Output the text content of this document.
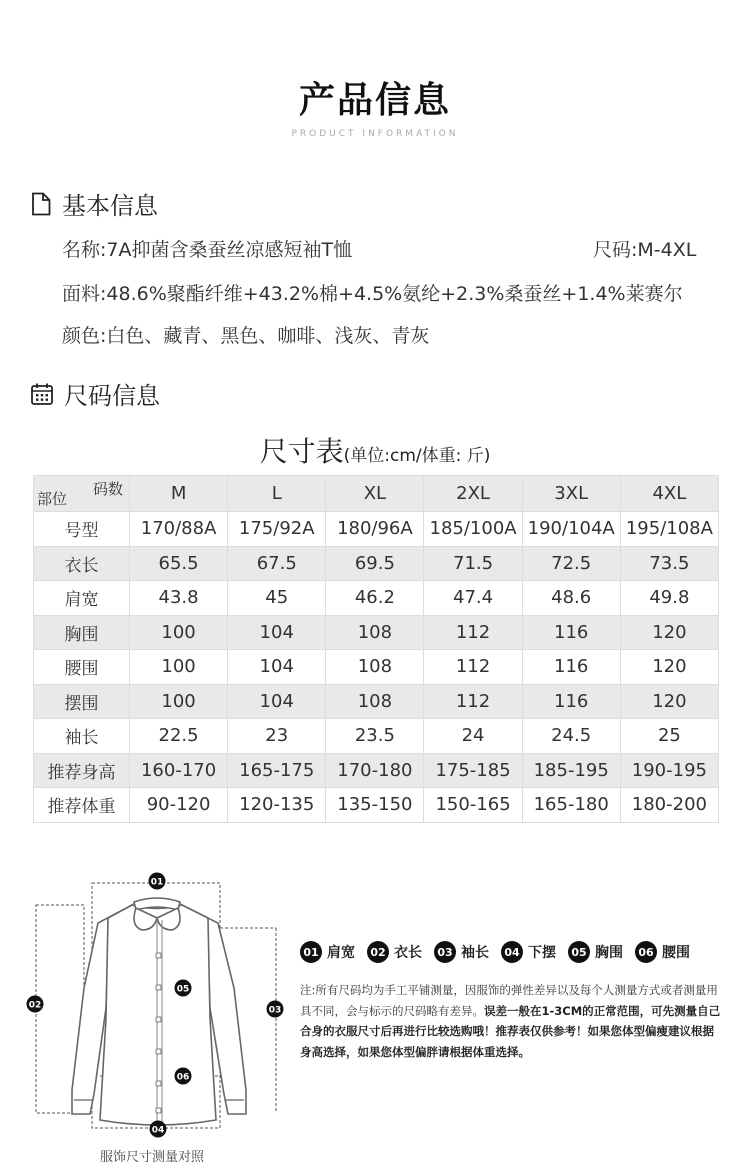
产品信息
PRODUCT INFORMATION
基本信息
名称:7A抑菌含桑蚕丝凉感短袖T恤	尺码:M-4XL
面料:48.6%聚酯纤维+43.2%棉+4.5%氨纶+2.3%桑蚕丝+1.4%莱赛尔
颜色:白色、藏青、黑色、咖啡、浅灰、青灰
尺码信息
尺寸表(单位:cm/体重: 斤)
码数
部位	M	L	XL	2XL	3XL	4XL
号型	170/88A	175/92A	180/96A	185/100A	190/104A	195/108A
衣长	65.5	67.5	69.5	71.5	72.5	73.5
肩宽	43.8	45	46.2	47.4	48.6	49.8
胸围	100	104	108	112	116	120
腰围	100	104	108	112	116	120
摆围	100	104	108	112	116	120
袖长	22.5	23	23.5	24	24.5	25
推荐身高	160-170	165-175	170-180	175-185	185-195	190-195
推荐体重	90-120	120-135	135-150	150-165	165-180	180-200
01
02	03
04
05
06
服饰尺寸测量对照
01 肩宽	02 衣长	03 袖长	04 下摆	05 胸围	06 腰围
注:所有尺码均为手工平铺测量，因服饰的弹性差异以及每个人测量方式或者测量用具不同，会与标示的尺码略有差异。误差一般在1-3CM的正常范围，可先测量自己合身的衣服尺寸后再进行比较选购哦！推荐表仅供参考！如果您体型偏瘦建议根据身高选择，如果您体型偏胖请根据体重选择。
